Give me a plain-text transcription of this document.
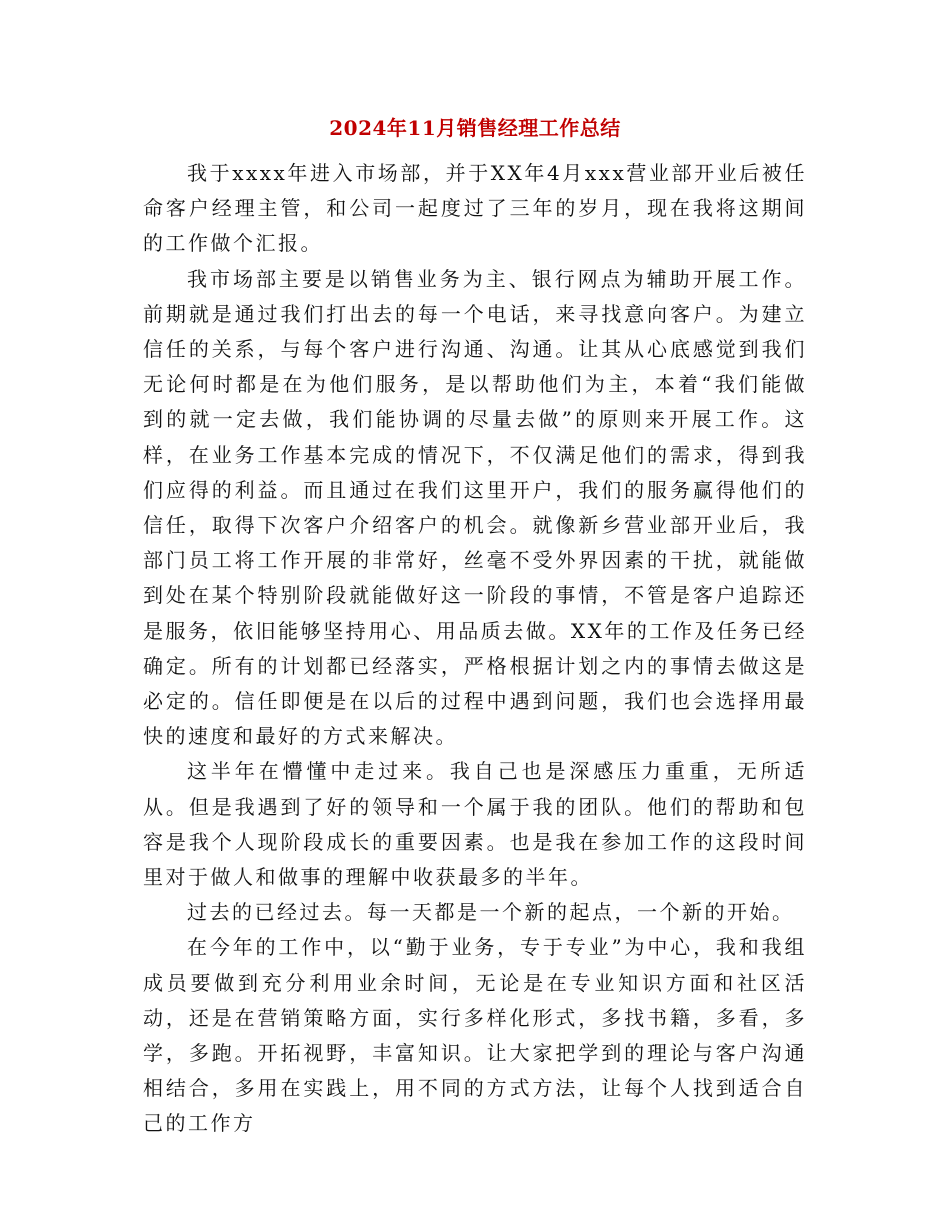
2024年11月销售经理工作总结

我于xxxx年进入市场部，并于XX年4月xxx营业部开业后被任命客户经理主管，和公司一起度过了三年的岁月，现在我将这期间的工作做个汇报。

我市场部主要是以销售业务为主、银行网点为辅助开展工作。前期就是通过我们打出去的每一个电话，来寻找意向客户。为建立信任的关系，与每个客户进行沟通、沟通。让其从心底感觉到我们无论何时都是在为他们服务，是以帮助他们为主，本着“我们能做到的就一定去做，我们能协调的尽量去做”的原则来开展工作。这样，在业务工作基本完成的情况下，不仅满足他们的需求，得到我们应得的利益。而且通过在我们这里开户，我们的服务赢得他们的信任，取得下次客户介绍客户的机会。就像新乡营业部开业后，我部门员工将工作开展的非常好，丝毫不受外界因素的干扰，就能做到处在某个特别阶段就能做好这一阶段的事情，不管是客户追踪还是服务，依旧能够坚持用心、用品质去做。XX年的工作及任务已经确定。所有的计划都已经落实，严格根据计划之内的事情去做这是必定的。信任即便是在以后的过程中遇到问题，我们也会选择用最快的速度和最好的方式来解决。

这半年在懵懂中走过来。我自己也是深感压力重重，无所适从。但是我遇到了好的领导和一个属于我的团队。他们的帮助和包容是我个人现阶段成长的重要因素。也是我在参加工作的这段时间里对于做人和做事的理解中收获最多的半年。

过去的已经过去。每一天都是一个新的起点，一个新的开始。

在今年的工作中，以“勤于业务，专于专业”为中心，我和我组成员要做到充分利用业余时间，无论是在专业知识方面和社区活动，还是在营销策略方面，实行多样化形式，多找书籍，多看，多学，多跑。开拓视野，丰富知识。让大家把学到的理论与客户沟通相结合，多用在实践上，用不同的方式方法，让每个人找到适合自己的工作方
